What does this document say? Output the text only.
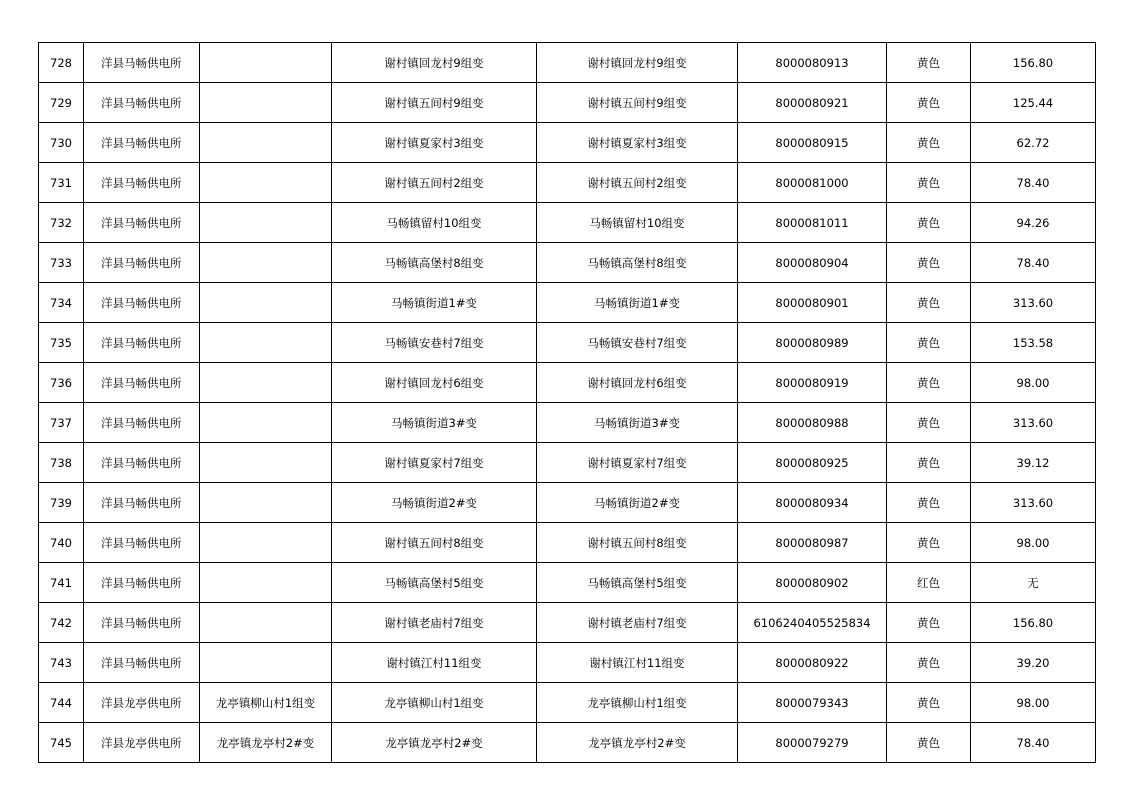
728	洋县马畅供电所		谢村镇回龙村9组变	谢村镇回龙村9组变	8000080913	黄色	156.80
729	洋县马畅供电所		谢村镇五间村9组变	谢村镇五间村9组变	8000080921	黄色	125.44
730	洋县马畅供电所		谢村镇夏家村3组变	谢村镇夏家村3组变	8000080915	黄色	62.72
731	洋县马畅供电所		谢村镇五间村2组变	谢村镇五间村2组变	8000081000	黄色	78.40
732	洋县马畅供电所		马畅镇留村10组变	马畅镇留村10组变	8000081011	黄色	94.26
733	洋县马畅供电所		马畅镇高堡村8组变	马畅镇高堡村8组变	8000080904	黄色	78.40
734	洋县马畅供电所		马畅镇街道1#变	马畅镇街道1#变	8000080901	黄色	313.60
735	洋县马畅供电所		马畅镇安巷村7组变	马畅镇安巷村7组变	8000080989	黄色	153.58
736	洋县马畅供电所		谢村镇回龙村6组变	谢村镇回龙村6组变	8000080919	黄色	98.00
737	洋县马畅供电所		马畅镇街道3#变	马畅镇街道3#变	8000080988	黄色	313.60
738	洋县马畅供电所		谢村镇夏家村7组变	谢村镇夏家村7组变	8000080925	黄色	39.12
739	洋县马畅供电所		马畅镇街道2#变	马畅镇街道2#变	8000080934	黄色	313.60
740	洋县马畅供电所		谢村镇五间村8组变	谢村镇五间村8组变	8000080987	黄色	98.00
741	洋县马畅供电所		马畅镇高堡村5组变	马畅镇高堡村5组变	8000080902	红色	无
742	洋县马畅供电所		谢村镇老庙村7组变	谢村镇老庙村7组变	6106240405525834	黄色	156.80
743	洋县马畅供电所		谢村镇江村11组变	谢村镇江村11组变	8000080922	黄色	39.20
744	洋县龙亭供电所	龙亭镇柳山村1组变	龙亭镇柳山村1组变	龙亭镇柳山村1组变	8000079343	黄色	98.00
745	洋县龙亭供电所	龙亭镇龙亭村2#变	龙亭镇龙亭村2#变	龙亭镇龙亭村2#变	8000079279	黄色	78.40
